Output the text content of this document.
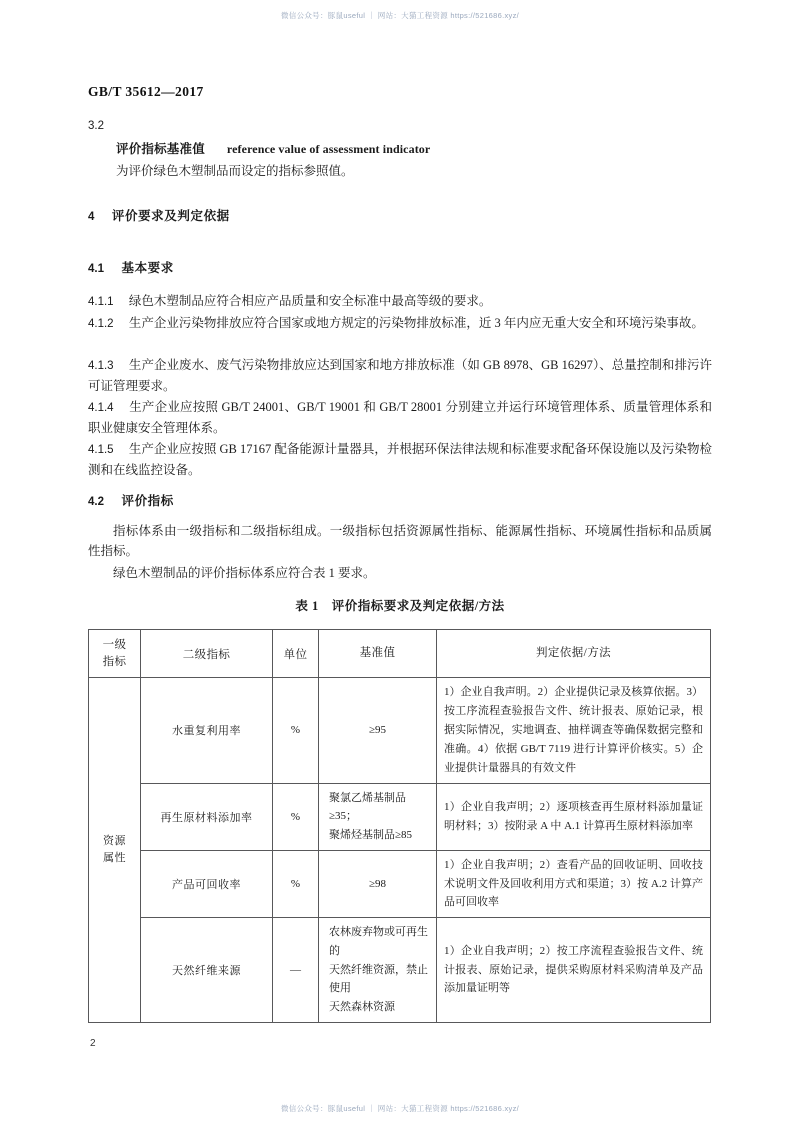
微信公众号：豚鼠useful ｜ 网站：大猫工程资源 https://521686.xyz/
GB/T 35612—2017
3.2
评价指标基准值 reference value of assessment indicator
为评价绿色木塑制品而设定的指标参照值。
4 评价要求及判定依据
4.1 基本要求
4.1.1 绿色木塑制品应符合相应产品质量和安全标准中最高等级的要求。
4.1.2 生产企业污染物排放应符合国家或地方规定的污染物排放标准，近 3 年内应无重大安全和环境污染事故。
4.1.3 生产企业废水、废气污染物排放应达到国家和地方排放标准（如 GB 8978、GB 16297）、总量控制和排污许可证管理要求。
4.1.4 生产企业应按照 GB/T 24001、GB/T 19001 和 GB/T 28001 分别建立并运行环境管理体系、质量管理体系和职业健康安全管理体系。
4.1.5 生产企业应按照 GB 17167 配备能源计量器具，并根据环保法律法规和标准要求配备环保设施以及污染物检测和在线监控设备。
4.2 评价指标
指标体系由一级指标和二级指标组成。一级指标包括资源属性指标、能源属性指标、环境属性指标和品质属性指标。
绿色木塑制品的评价指标体系应符合表 1 要求。
表 1　评价指标要求及判定依据/方法
一级
指标	二级指标	单位	基准值	判定依据/方法

资源
属性	水重复利用率	%	≥95	1）企业自我声明。2）企业提供记录及核算依据。3）按工序流程查验报告文件、统计报表、原始记录，根据实际情况，实地调查、抽样调查等确保数据完整和准确。4）依据 GB/T 7119 进行计算评价核实。5）企业提供计量器具的有效文件
	再生原材料添加率	%	聚氯乙烯基制品≥35；
聚烯烃基制品≥85	1）企业自我声明；2）逐项核查再生原材料添加量证明材料；3）按附录 A 中 A.1 计算再生原材料添加率
	产品可回收率	%	≥98	1）企业自我声明；2）查看产品的回收证明、回收技术说明文件及回收利用方式和渠道；3）按 A.2 计算产品可回收率
	天然纤维来源	—	农林废弃物或可再生的
天然纤维资源，禁止使用
天然森林资源	1）企业自我声明；2）按工序流程查验报告文件、统计报表、原始记录，提供采购原材料采购清单及产品添加量证明等
2
微信公众号：豚鼠useful ｜ 网站：大猫工程资源 https://521686.xyz/
